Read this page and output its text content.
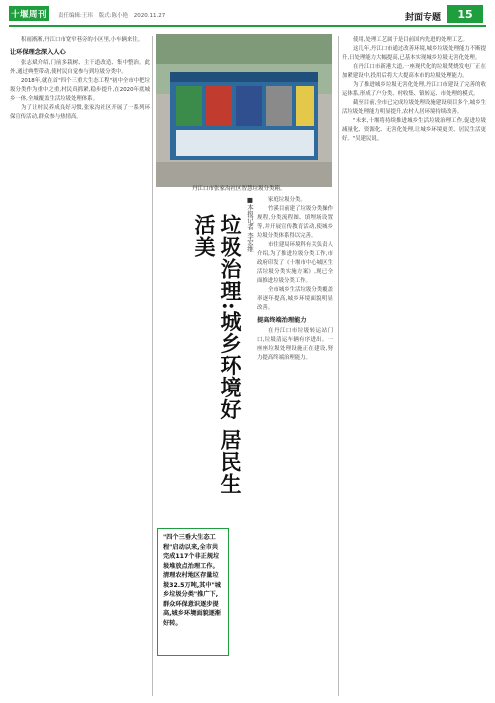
十堰周刊	责任编辑:王玮 版式:陈小艳 2020.11.27	封面专题	15

积雨淅淅,丹江口市宽窄巷旁的小区里,小车辆来往。

让环保理念深入人心

张志斌介绍,门前多栽树、主干道改造、集中整治。此外,通过典型带动,使村民自觉参与到垃圾分类中。

2018年,就在首"四个三重大生态工程"初中全市中把垃圾分类作为重中之重,村民真抓紧,稳步提升,在2020年底城乡一体,全城覆盖生活垃圾处理体系。

为了让村民养成良好习惯,张家沟社区开展了一系列环保宣传活动,群众参与热情高。

丹江口市张家沟社区智慧垃圾分类箱。
■本报记者 李宏维
垃圾治理:城乡环境好 居民生活美
"四个三垂大生态工程"启动以来,全市共完成117个非正规垃圾堆放点治理工作。清理农村地区存量垃圾32.5万吨,其中"城乡垃圾分类"推广下,群众环保意识逐步提高,城乡环境面貌逐渐好转。

家庭垃圾分类。

竹溪目前建了垃圾分类操作规程,分类流程图、填埋场设置等,并开展宣传教育活动,使城乡垃圾分类体系得以完善。

市住建局环境科有关负责人介绍,为了推进垃圾分类工作,市政府印发了《十堰市中心城区生活垃圾分类实施方案》,现已全面推进垃圾分类工作。

全市城乡生活垃圾分类覆盖率逐年提高,城乡环境面貌明显改善。

提高终端治理能力

在丹江口市垃圾转运站门口,垃圾清运车辆有序进出。一座座垃圾处理设施正在建设,努力提高终端治理能力。

使用,处理工艺属于是目前国内先进的处理工艺。

这几年,丹江口市通过改善环境,城乡垃圾处理能力不断提升,日处理能力大幅提高,已基本实现城乡垃圾无害化处理。

在丹江口市新港大道,一座现代化的垃圾焚烧发电厂正在加紧建设中,投用后将大大提高本市的垃圾处理能力。

为了推进城乡垃圾无害化处理,丹江口市建设了完善的收运体系,形成了户分类、村收集、镇转运、市处理的模式。

截至目前,全市已完成垃圾处理设施建设项目多个,城乡生活垃圾处理能力明显提升,农村人居环境持续改善。

"未来,十堰将持续推进城乡生活垃圾治理工作,促进垃圾减量化、资源化、无害化处理,让城乡环境更美、居民生活更好。"吴建民说。
